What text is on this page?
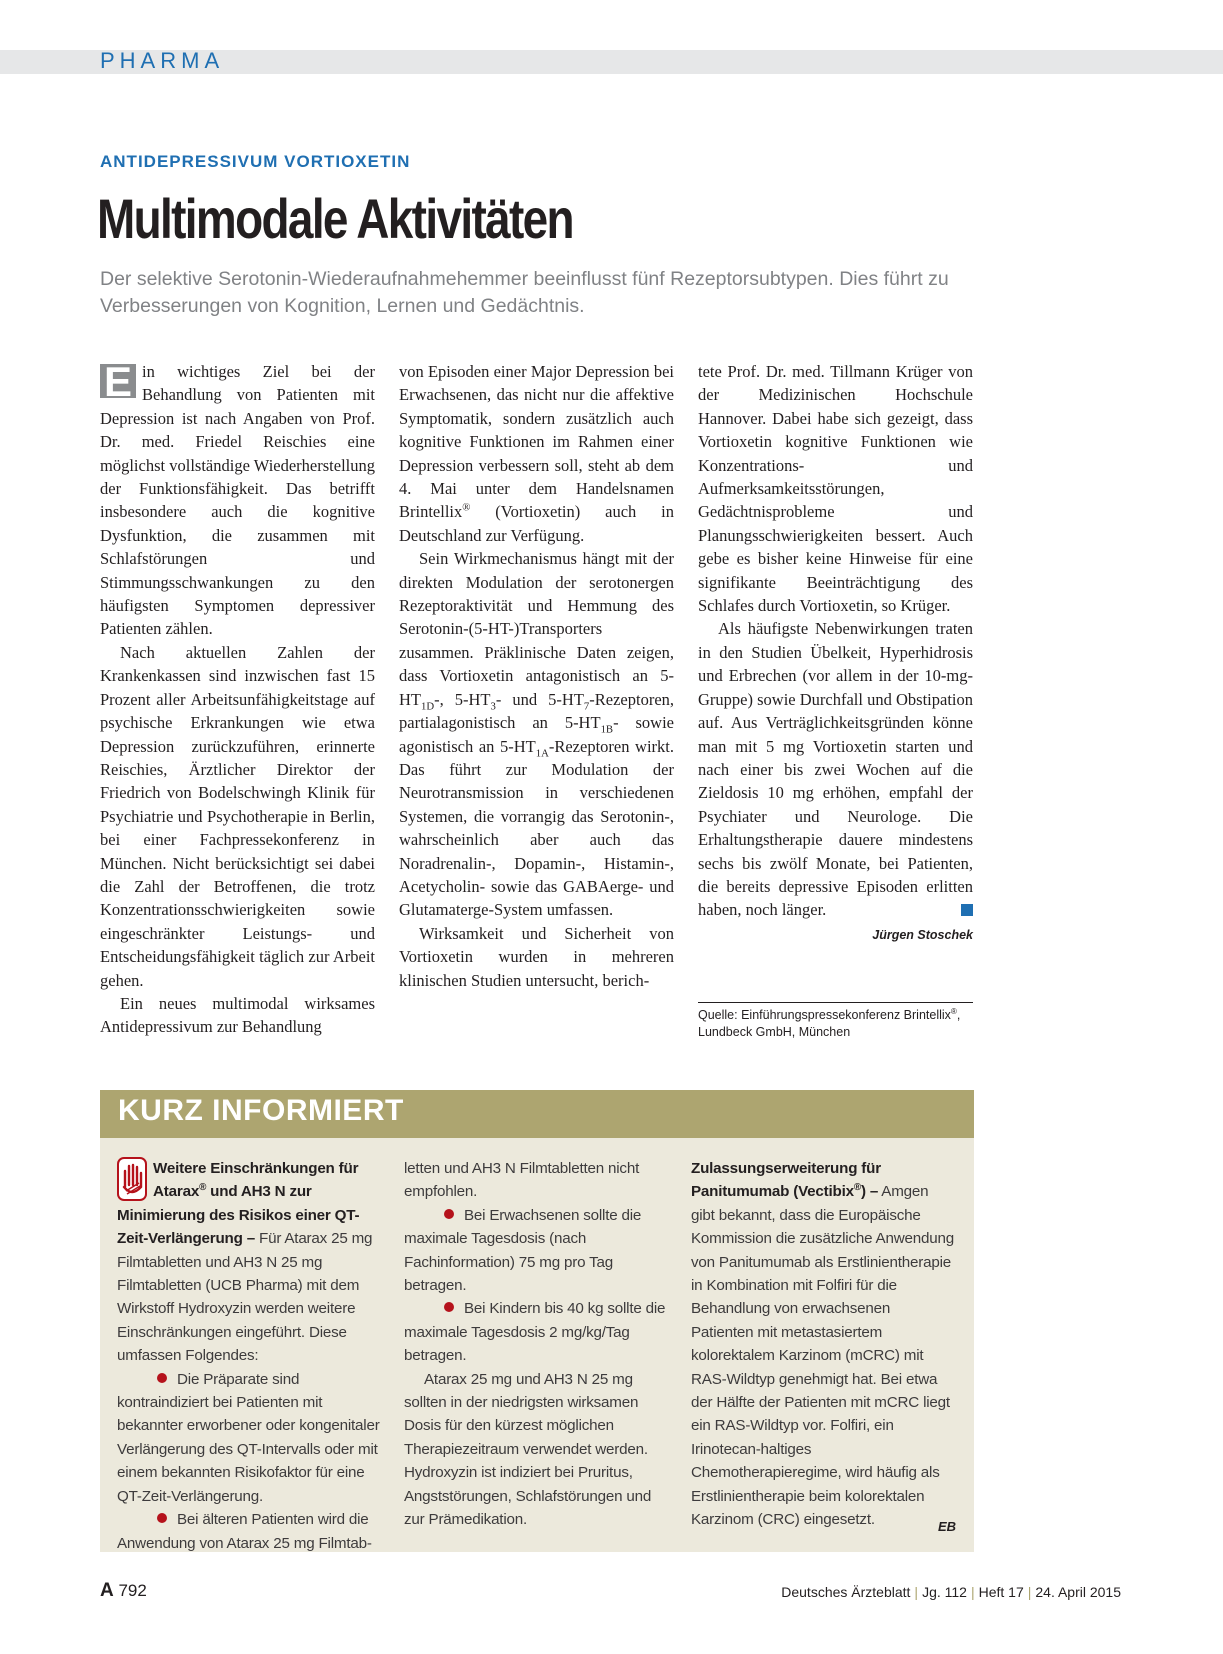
PHARMA
ANTIDEPRESSIVUM VORTIOXETIN
Multimodale Aktivitäten

Der selektive Serotonin-Wiederaufnahmehemmer beeinflusst fünf Rezeptorsubtypen. Dies führt zu Verbesserungen von Kognition, Lernen und Gedächtnis.

E in wichtiges Ziel bei der Behandlung von Patienten mit Depression ist nach Angaben von Prof. Dr. med. Friedel Reischies eine möglichst vollständige Wiederherstellung der Funktionsfähigkeit. Das betrifft insbesondere auch die kognitive Dysfunktion, die zusammen mit Schlafstörungen und Stimmungsschwankungen zu den häufigsten Symptomen depressiver Patienten zählen.

Nach aktuellen Zahlen der Krankenkassen sind inzwischen fast 15 Prozent aller Arbeitsunfähigkeitstage auf psychische Erkrankungen wie etwa Depression zurückzuführen, erinnerte Reischies, Ärztlicher Direktor der Friedrich von Bodelschwingh Klinik für Psychiatrie und Psychotherapie in Berlin, bei einer Fachpressekonferenz in München. Nicht berücksichtigt sei dabei die Zahl der Betroffenen, die trotz Konzentrationsschwierigkeiten sowie eingeschränkter Leistungs- und Entscheidungsfähigkeit täglich zur Arbeit gehen.

Ein neues multimodal wirksames Antidepressivum zur Behandlung

von Episoden einer Major Depression bei Erwachsenen, das nicht nur die affektive Symptomatik, sondern zusätzlich auch kognitive Funktionen im Rahmen einer Depression verbessern soll, steht ab dem 4. Mai unter dem Handelsnamen Brintellix® (Vortioxetin) auch in Deutschland zur Verfügung.

Sein Wirkmechanismus hängt mit der direkten Modulation der serotonergen Rezeptoraktivität und Hemmung des Serotonin-(5-HT-)Transporters zusammen. Präklinische Daten zeigen, dass Vortioxetin antagonistisch an $5-HT_{1D}-$, $5-HT_3-$ und $5-HT_7$-Rezeptoren, partialagonistisch an $5-HT_{1B}-$ sowie agonistisch an $5-HT_{1A}$-Rezeptoren wirkt. Das führt zur Modulation der Neurotransmission in verschiedenen Systemen, die vorrangig das Serotonin-, wahrscheinlich aber auch das Noradrenalin-, Dopamin-, Histamin-, Acetycholin- sowie das GABAerge- und Glutamaterge-System umfassen.

Wirksamkeit und Sicherheit von Vortioxetin wurden in mehreren klinischen Studien untersucht, berich-

tete Prof. Dr. med. Tillmann Krüger von der Medizinischen Hochschule Hannover. Dabei habe sich gezeigt, dass Vortioxetin kognitive Funktionen wie Konzentrations- und Aufmerksamkeitsstörungen, Gedächtnisprobleme und Planungsschwierigkeiten bessert. Auch gebe es bisher keine Hinweise für eine signifikante Beeinträchtigung des Schlafes durch Vortioxetin, so Krüger.

Als häufigste Nebenwirkungen traten in den Studien Übelkeit, Hyperhidrosis und Erbrechen (vor allem in der 10-mg-Gruppe) sowie Durchfall und Obstipation auf. Aus Verträglichkeitsgründen könne man mit 5 mg Vortioxetin starten und nach einer bis zwei Wochen auf die Zieldosis 10 mg erhöhen, empfahl der Psychiater und Neurologe. Die Erhaltungstherapie dauere mindestens sechs bis zwölf Monate, bei Patienten, die bereits depressive Episoden erlitten haben, noch länger.

Jürgen Stoschek
Quelle: Einführungspressekonferenz Brintellix®,
Lundbeck GmbH, München
EB
KURZ INFORMIERT

Weitere Einschränkungen für Atarax® und AH3 N zur Minimierung des Risikos einer QT-Zeit-Verlängerung – Für Atarax 25 mg Filmtabletten und AH3 N 25 mg Filmtabletten (UCB Pharma) mit dem Wirkstoff Hydroxyzin werden weitere Einschränkungen eingeführt. Diese umfassen Folgendes:

Die Präparate sind kontraindiziert bei Patienten mit bekannter erworbener oder kongenitaler Verlängerung des QT-Intervalls oder mit einem bekannten Risikofaktor für eine QT-Zeit-Verlängerung.

Bei älteren Patienten wird die Anwendung von Atarax 25 mg Filmtab-

letten und AH3 N Filmtabletten nicht empfohlen.

Bei Erwachsenen sollte die maximale Tagesdosis (nach Fachinformation) 75 mg pro Tag betragen.

Bei Kindern bis 40 kg sollte die maximale Tagesdosis 2 mg/kg/Tag betragen.

Atarax 25 mg und AH3 N 25 mg sollten in der niedrigsten wirksamen Dosis für den kürzest möglichen Therapiezeitraum verwendet werden. Hydroxyzin ist indiziert bei Pruritus, Angststörungen, Schlafstörungen und zur Prämedikation.

Zulassungserweiterung für Panitumumab (Vectibix®) – Amgen gibt bekannt, dass die Europäische Kommission die zusätzliche Anwendung von Panitumumab als Erstlinientherapie in Kombination mit Folfiri für die Behandlung von erwachsenen Patienten mit metastasiertem kolorektalem Karzinom (mCRC) mit RAS-Wildtyp genehmigt hat. Bei etwa der Hälfte der Patienten mit mCRC liegt ein RAS-Wildtyp vor. Folfiri, ein Irinotecan-haltiges Chemotherapieregime, wird häufig als Erstlinientherapie beim kolorektalen Karzinom (CRC) eingesetzt.

A 792	Deutsches Ärzteblatt | Jg. 112 | Heft 17 | 24. April 2015
